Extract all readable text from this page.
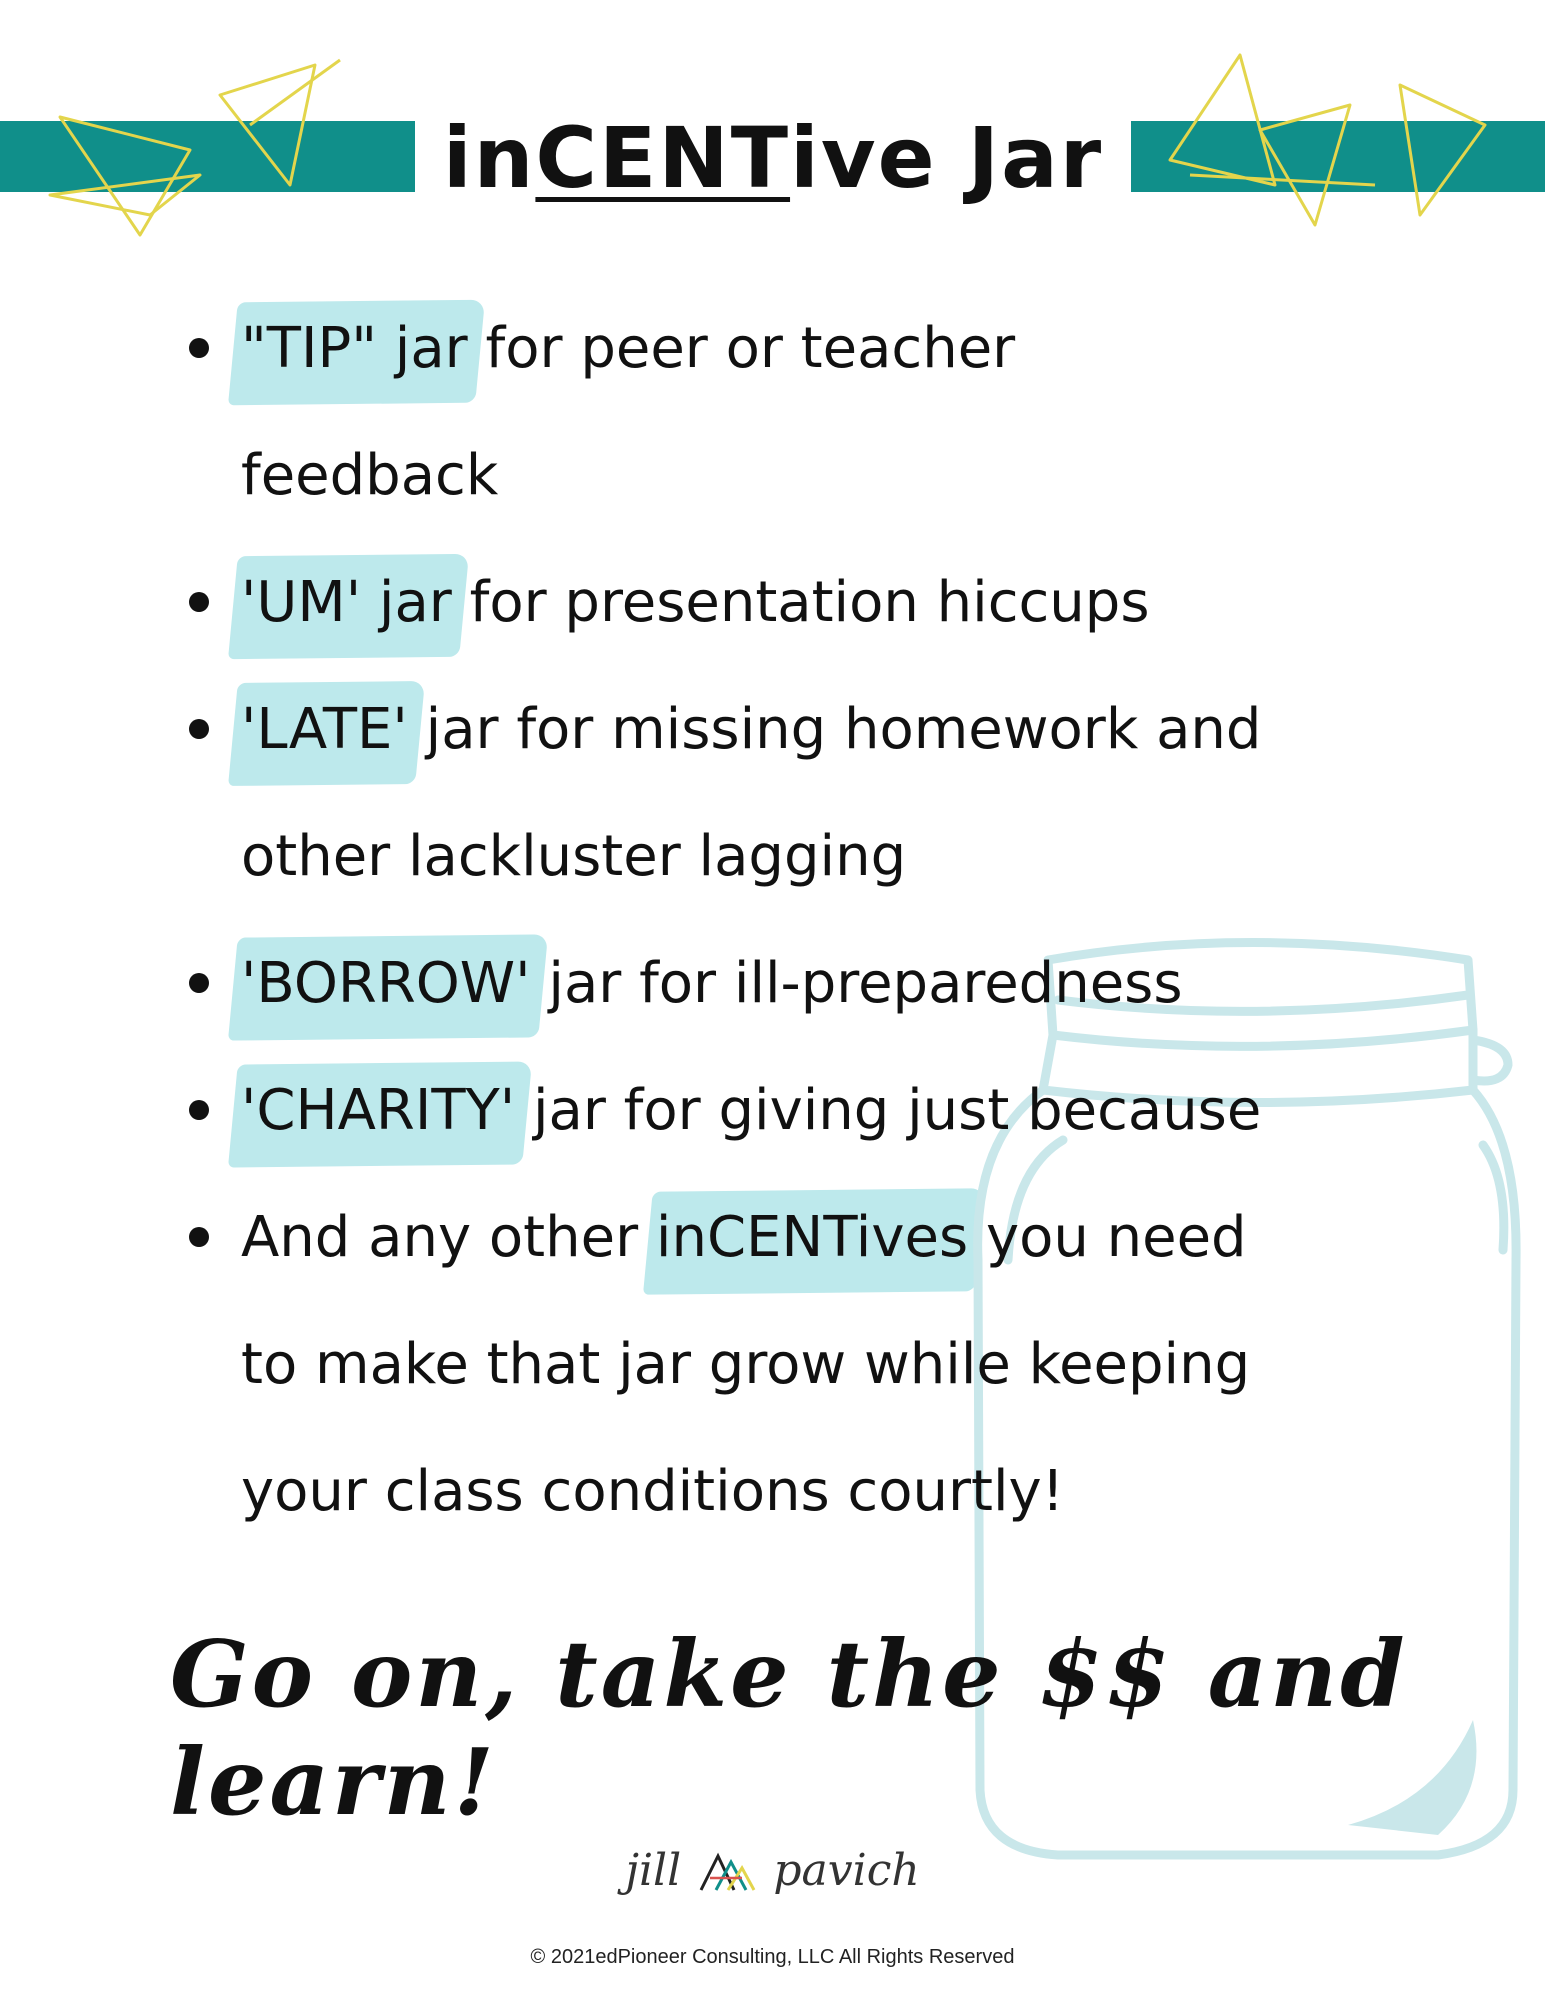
in CENT ive Jar
"TIP" jar for peer or teacher
feedback
'UM' jar for presentation hiccups
'LATE' jar for missing homework and
other lackluster lagging
'BORROW' jar for ill-preparedness
'CHARITY' jar for giving just because
And any other inCENTives you need
to make that jar grow while keeping
your class conditions courtly!
Go on, take the $$ and learn!
jill pavich
© 2021edPioneer Consulting, LLC All Rights Reserved
